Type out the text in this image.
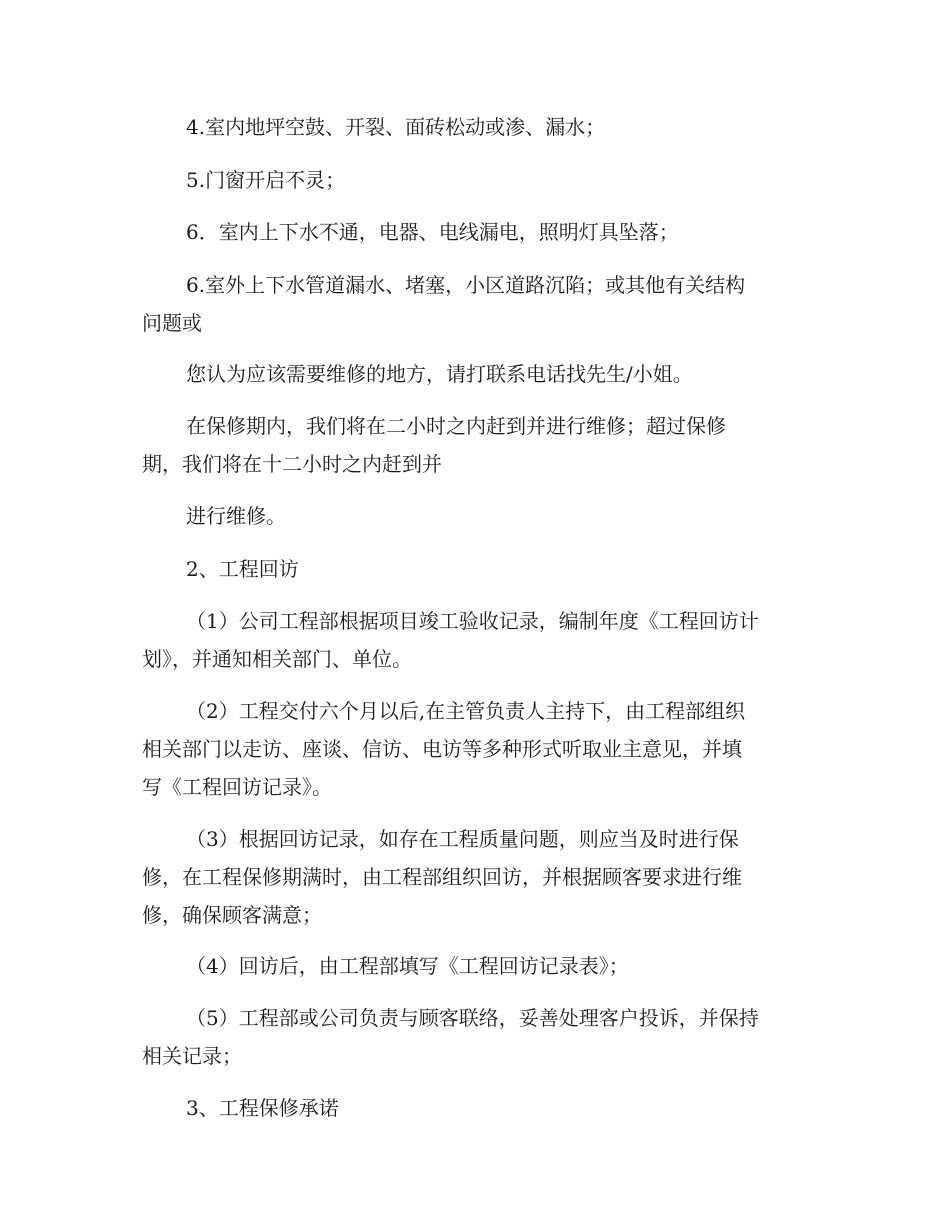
4.室内地坪空鼓、开裂、面砖松动或渗、漏水；

5.门窗开启不灵；

6．室内上下水不通，电器、电线漏电，照明灯具坠落；

6.室外上下水管道漏水、堵塞，小区道路沉陷；或其他有关结构
问题或

您认为应该需要维修的地方，请打联系电话找先生/小姐。

在保修期内，我们将在二小时之内赶到并进行维修；超过保修
期，我们将在十二小时之内赶到并

进行维修。

2、工程回访

（1）公司工程部根据项目竣工验收记录，编制年度《工程回访计
划》，并通知相关部门、单位。

（2）工程交付六个月以后,在主管负责人主持下，由工程部组织
相关部门以走访、座谈、信访、电访等多种形式听取业主意见，并填
写《工程回访记录》。

（3）根据回访记录，如存在工程质量问题，则应当及时进行保
修，在工程保修期满时，由工程部组织回访，并根据顾客要求进行维
修，确保顾客满意；

（4）回访后，由工程部填写《工程回访记录表》；

（5）工程部或公司负责与顾客联络，妥善处理客户投诉，并保持
相关记录；

3、工程保修承诺
